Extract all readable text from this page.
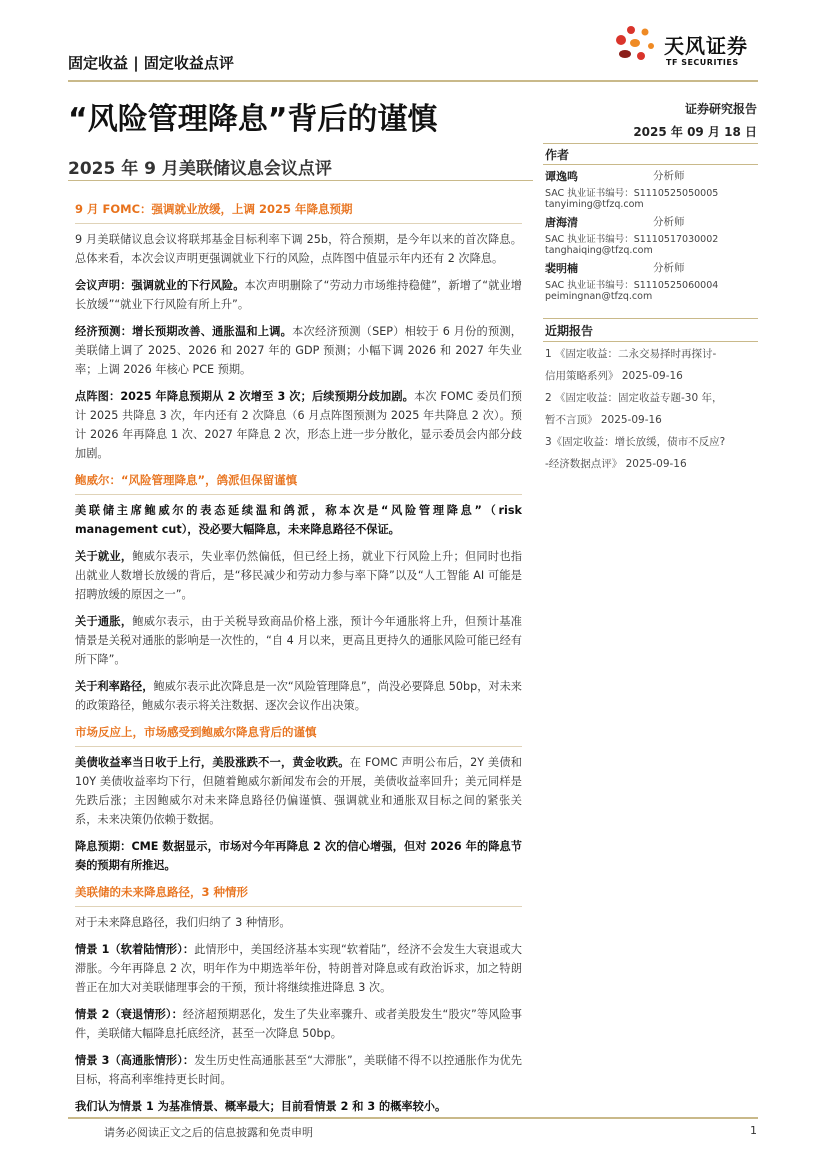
固定收益 | 固定收益点评
天风证券
TF SECURITIES
“风险管理降息”背后的谨慎
2025 年 9 月美联储议息会议点评
证券研究报告
2025 年 09 月 18 日
作者
谭逸鸣	分析师
SAC 执业证书编号：S1110525050005
tanyiming@tfzq.com
唐海清	分析师
SAC 执业证书编号：S1110517030002
tanghaiqing@tfzq.com
裴明楠	分析师
SAC 执业证书编号：S1110525060004
peimingnan@tfzq.com
近期报告
1 《固定收益：二永交易择时再探讨-
信用策略系列》 2025-09-16
2 《固定收益：固定收益专题-30 年，
暂不言顶》 2025-09-16
3《固定收益：增长放缓，债市不反应?
-经济数据点评》 2025-09-16
9 月 FOMC：强调就业放缓，上调 2025 年降息预期
9 月美联储议息会议将联邦基金目标利率下调 25b，符合预期，是今年以来的首次降息。总体来看，本次会议声明更强调就业下行的风险，点阵图中值显示年内还有 2 次降息。
会议声明：强调就业的下行风险。本次声明删除了“劳动力市场维持稳健”，新增了“就业增长放缓”“就业下行风险有所上升”。
经济预测：增长预期改善、通胀温和上调。本次经济预测（SEP）相较于 6 月份的预测，美联储上调了 2025、2026 和 2027 年的 GDP 预测；小幅下调 2026 和 2027 年失业率；上调 2026 年核心 PCE 预期。
点阵图：2025 年降息预期从 2 次增至 3 次；后续预期分歧加剧。本次 FOMC 委员们预计 2025 共降息 3 次，年内还有 2 次降息（6 月点阵图预测为 2025 年共降息 2 次）。预计 2026 年再降息 1 次、2027 年降息 2 次，形态上进一步分散化，显示委员会内部分歧加剧。
鲍威尔：“风险管理降息”，鸽派但保留谨慎
美联储主席鲍威尔的表态延续温和鸽派，称本次是“风险管理降息”（risk management cut），没必要大幅降息，未来降息路径不保证。
关于就业，鲍威尔表示，失业率仍然偏低，但已经上扬，就业下行风险上升；但同时也指出就业人数增长放缓的背后，是“移民减少和劳动力参与率下降”以及“人工智能 AI 可能是招聘放缓的原因之一”。
关于通胀，鲍威尔表示，由于关税导致商品价格上涨，预计今年通胀将上升，但预计基准情景是关税对通胀的影响是一次性的，“自 4 月以来，更高且更持久的通胀风险可能已经有所下降”。
关于利率路径，鲍威尔表示此次降息是一次“风险管理降息”，尚没必要降息 50bp，对未来的政策路径，鲍威尔表示将关注数据、逐次会议作出决策。
市场反应上，市场感受到鲍威尔降息背后的谨慎
美债收益率当日收于上行，美股涨跌不一，黄金收跌。在 FOMC 声明公布后，2Y 美债和 10Y 美债收益率均下行，但随着鲍威尔新闻发布会的开展，美债收益率回升；美元同样是先跌后涨；主因鲍威尔对未来降息路径仍偏谨慎、强调就业和通胀双目标之间的紧张关系，未来决策仍依赖于数据。
降息预期：CME 数据显示，市场对今年再降息 2 次的信心增强，但对 2026 年的降息节奏的预期有所推迟。
美联储的未来降息路径，3 种情形
对于未来降息路径，我们归纳了 3 种情形。
情景 1（软着陆情形）：此情形中，美国经济基本实现“软着陆”，经济不会发生大衰退或大滞胀。今年再降息 2 次，明年作为中期选举年份，特朗普对降息或有政治诉求，加之特朗普正在加大对美联储理事会的干预，预计将继续推进降息 3 次。
情景 2（衰退情形）：经济超预期恶化，发生了失业率骤升、或者美股发生“股灾”等风险事件，美联储大幅降息托底经济，甚至一次降息 50bp。
情景 3（高通胀情形）：发生历史性高通胀甚至“大滞胀”，美联储不得不以控通胀作为优先目标，将高利率维持更长时间。
我们认为情景 1 为基准情景、概率最大；目前看情景 2 和 3 的概率较小。
请务必阅读正文之后的信息披露和免责申明	1
